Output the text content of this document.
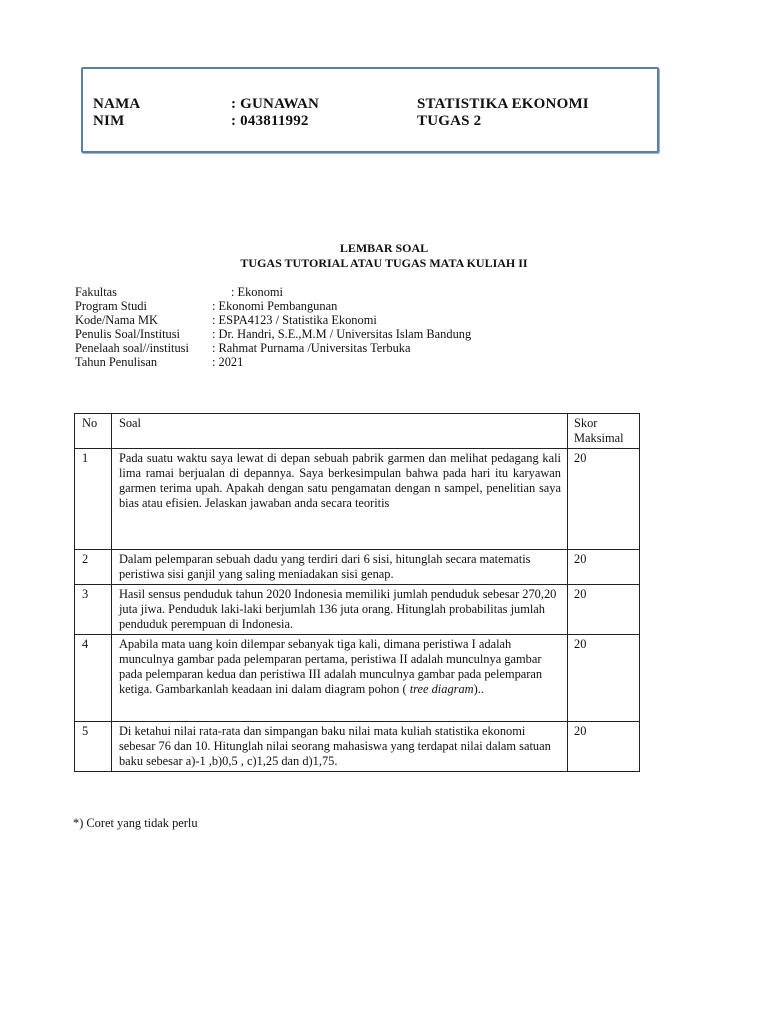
NAMA	: GUNAWAN	STATISTIKA EKONOMI
NIM	: 043811992	TUGAS 2
LEMBAR SOAL
TUGAS TUTORIAL ATAU TUGAS MATA KULIAH II
Fakultas	: Ekonomi
Program Studi	: Ekonomi Pembangunan
Kode/Nama MK	: ESPA4123 / Statistika Ekonomi
Penulis Soal/Institusi	: Dr. Handri, S.E.,M.M / Universitas Islam Bandung
Penelaah soal//institusi : Rahmat Purnama /Universitas Terbuka
Tahun Penulisan	: 2021
No	Soal	Skor
Maksimal

1	Pada suatu waktu saya lewat di depan sebuah pabrik garmen dan melihat pedagang kali lima ramai berjualan di depannya. Saya berkesimpulan bahwa pada hari itu karyawan garmen terima upah. Apakah dengan satu pengamatan dengan n sampel, penelitian saya bias atau efisien. Jelaskan jawaban anda secara teoritis	20
2	Dalam pelemparan sebuah dadu yang terdiri dari 6 sisi, hitunglah secara matematis peristiwa sisi ganjil yang saling meniadakan sisi genap.	20
3	Hasil sensus penduduk tahun 2020 Indonesia memiliki jumlah penduduk sebesar 270,20 juta jiwa. Penduduk laki-laki berjumlah 136 juta orang. Hitunglah probabilitas jumlah penduduk perempuan di Indonesia.	20
4	Apabila mata uang koin dilempar sebanyak tiga kali, dimana peristiwa I adalah munculnya gambar pada pelemparan pertama, peristiwa II adalah munculnya gambar pada pelemparan kedua dan peristiwa III adalah munculnya gambar pada pelemparan ketiga. Gambarkanlah keadaan ini dalam diagram pohon ( tree diagram)..	20
5	Di ketahui nilai rata-rata dan simpangan baku nilai mata kuliah statistika ekonomi sebesar 76 dan 10. Hitunglah nilai seorang mahasiswa yang terdapat nilai dalam satuan baku sebesar a)-1 ,b)0,5 , c)1,25 dan d)1,75.	20
*) Coret yang tidak perlu
